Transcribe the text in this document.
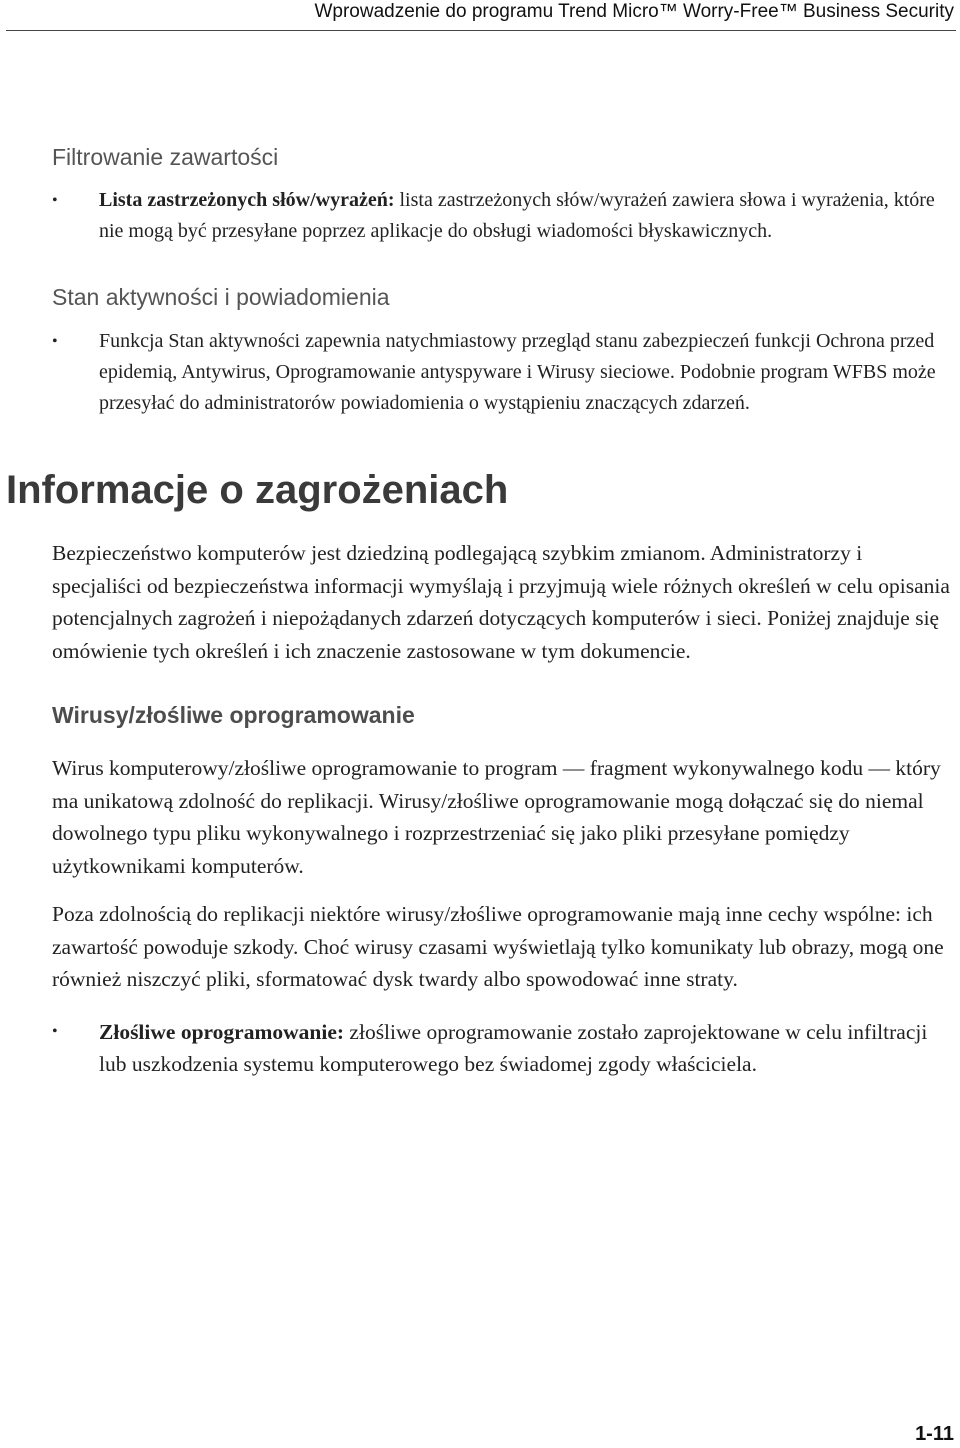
Wprowadzenie do programu Trend Micro™ Worry-Free™ Business Security
Filtrowanie zawartości
• Lista zastrzeżonych słów/wyrażeń: lista zastrzeżonych słów/wyrażeń zawiera słowa i wyrażenia, które nie mogą być przesyłane poprzez aplikacje do obsługi wiadomości błyskawicznych.
Stan aktywności i powiadomienia
• Funkcja Stan aktywności zapewnia natychmiastowy przegląd stanu zabezpieczeń funkcji Ochrona przed epidemią, Antywirus, Oprogramowanie antyspyware i Wirusy sieciowe. Podobnie program WFBS może przesyłać do administratorów powiadomienia o wystąpieniu znaczących zdarzeń.
Informacje o zagrożeniach

Bezpieczeństwo komputerów jest dziedziną podlegającą szybkim zmianom. Administratorzy i specjaliści od bezpieczeństwa informacji wymyślają i przyjmują wiele różnych określeń w celu opisania potencjalnych zagrożeń i niepożądanych zdarzeń dotyczących komputerów i sieci. Poniżej znajduje się omówienie tych określeń i ich znaczenie zastosowane w tym dokumencie.

Wirusy/złośliwe oprogramowanie

Wirus komputerowy/złośliwe oprogramowanie to program — fragment wykonywalnego kodu — który ma unikatową zdolność do replikacji. Wirusy/złośliwe oprogramowanie mogą dołączać się do niemal dowolnego typu pliku wykonywalnego i rozprzestrzeniać się jako pliki przesyłane pomiędzy użytkownikami komputerów.

Poza zdolnością do replikacji niektóre wirusy/złośliwe oprogramowanie mają inne cechy wspólne: ich zawartość powoduje szkody. Choć wirusy czasami wyświetlają tylko komunikaty lub obrazy, mogą one również niszczyć pliki, sformatować dysk twardy albo spowodować inne straty.

• Złośliwe oprogramowanie: złośliwe oprogramowanie zostało zaprojektowane w celu infiltracji lub uszkodzenia systemu komputerowego bez świadomej zgody właściciela.
1-11
